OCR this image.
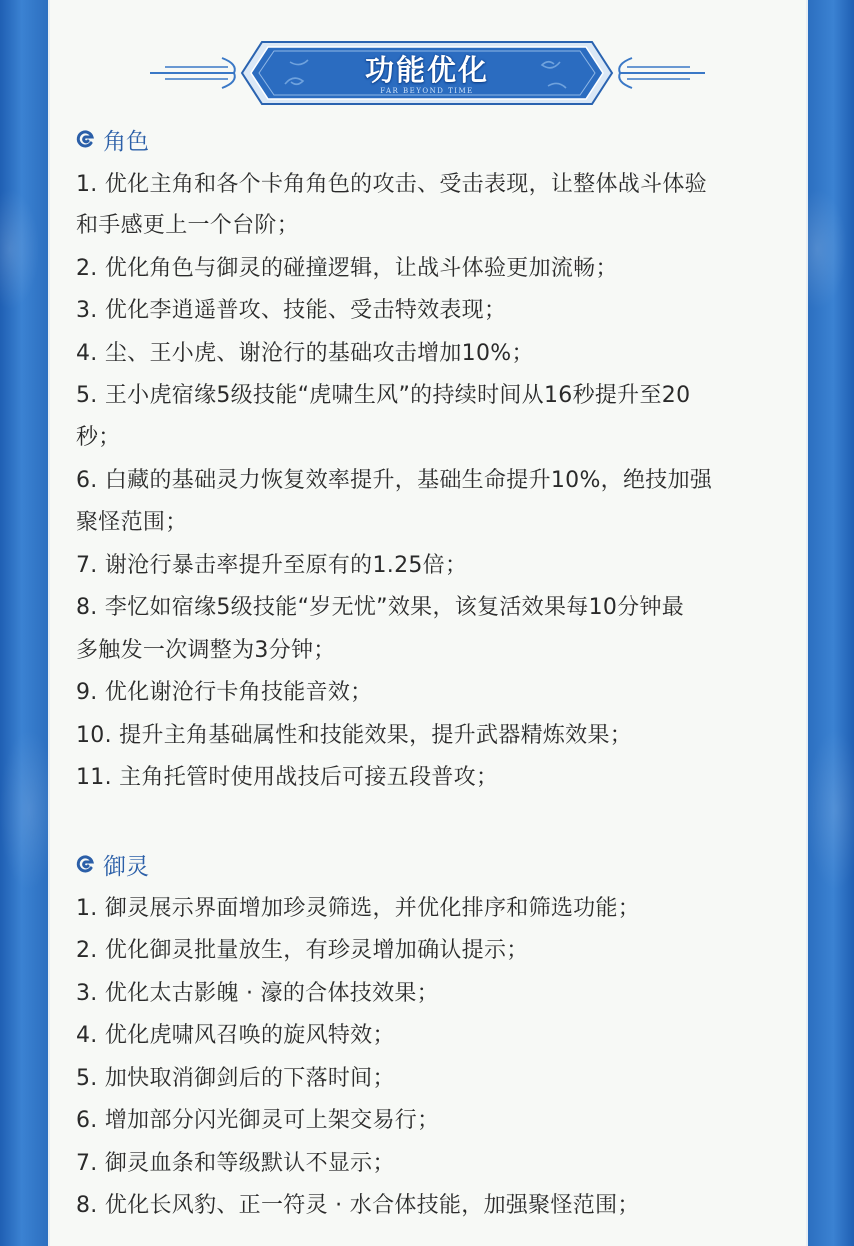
功能优化
FAR BEYOND TIME
角色
1. 优化主角和各个卡角角色的攻击、受击表现，让整体战斗体验
和手感更上一个台阶；
2. 优化角色与御灵的碰撞逻辑，让战斗体验更加流畅；
3. 优化李逍遥普攻、技能、受击特效表现；
4. 尘、王小虎、谢沧行的基础攻击增加10%；
5. 王小虎宿缘5级技能“虎啸生风”的持续时间从16秒提升至20
秒；
6. 白藏的基础灵力恢复效率提升，基础生命提升10%，绝技加强
聚怪范围；
7. 谢沧行暴击率提升至原有的1.25倍；
8. 李忆如宿缘5级技能“岁无忧”效果，该复活效果每10分钟最
多触发一次调整为3分钟；
9. 优化谢沧行卡角技能音效；
10. 提升主角基础属性和技能效果，提升武器精炼效果；
11. 主角托管时使用战技后可接五段普攻；
御灵
1. 御灵展示界面增加珍灵筛选，并优化排序和筛选功能；
2. 优化御灵批量放生，有珍灵增加确认提示；
3. 优化太古影魄 · 濠的合体技效果；
4. 优化虎啸风召唤的旋风特效；
5. 加快取消御剑后的下落时间；
6. 增加部分闪光御灵可上架交易行；
7. 御灵血条和等级默认不显示；
8. 优化长风豹、正一符灵 · 水合体技能，加强聚怪范围；
